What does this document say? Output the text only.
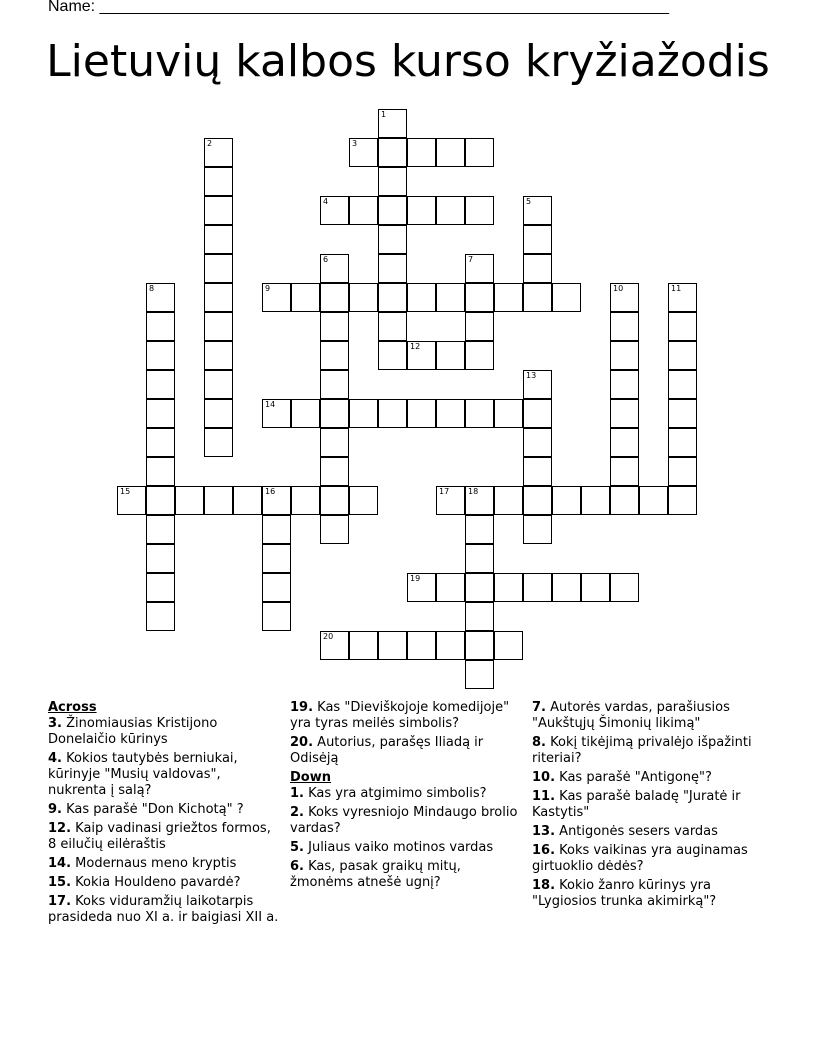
Name: ________________________________________________________________
Lietuvių kalbos kurso kryžiažodis
3
4
9
12
14
15	16	17 18
19
20
1
2
5
6	7
8	10	11
13
Across
3. Žinomiausias Kristijono Donelaičio kūrinys
4. Kokios tautybės berniukai, kūrinyje "Musių valdovas", nukrenta į salą?
9. Kas parašė "Don Kichotą" ?
12. Kaip vadinasi griežtos formos, 8 eilučių eilėraštis
14. Modernaus meno kryptis
15. Kokia Houldeno pavardė?
17. Koks viduramžių laikotarpis prasideda nuo XI a. ir baigiasi XII a.
19. Kas "Dieviškojoje komedijoje" yra tyras meilės simbolis?
20. Autorius, parašęs Iliadą ir Odisėją
Down
1. Kas yra atgimimo simbolis?
2. Koks vyresniojo Mindaugo brolio vardas?
5. Juliaus vaiko motinos vardas
6. Kas, pasak graikų mitų, žmonėms atnešė ugnį?
7. Autorės vardas, parašiusios "Aukštųjų Šimonių likimą"
8. Kokį tikėjimą privalėjo išpažinti riteriai?
10. Kas parašė "Antigonę"?
11. Kas parašė baladę "Juratė ir Kastytis"
13. Antigonės sesers vardas
16. Koks vaikinas yra auginamas girtuoklio dėdės?
18. Kokio žanro kūrinys yra "Lygiosios trunka akimirką"?
